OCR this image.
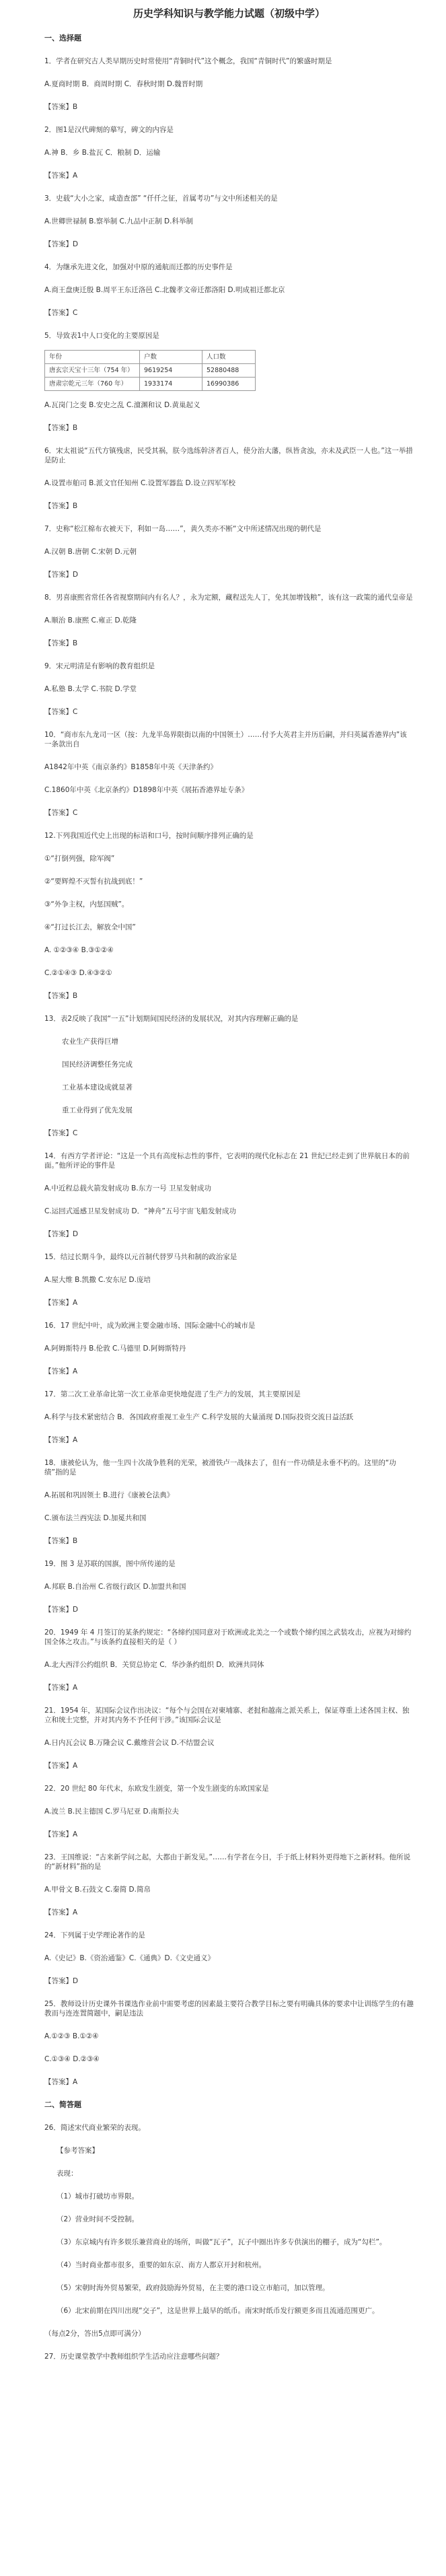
历史学科知识与教学能力试题（初级中学）
一、选择题

1．学者在研究古人类早期历史时常使用“青铜时代”这个概念，我国“青铜时代”的繁盛时期是

A.夏商时期 B．商周时期 C．春秋时期 D.魏晋时期

【答案】B

2．图1是汉代碑刻的摹写，碑文的内容是

A.神 B．乡 B.盐瓦 C．粮制 D．运输

【答案】A

3．史载“大小之家，咸造查部” “仟仟之征，首属考功”与文中所述相关的是

A.世卿世禄制 B.察举制 C.九品中正制 D.科举制

【答案】D

4．为继承先进文化，加强对中原的通航而迁都的历史事件是

A.商王盘庚迁殷 B.周平王东迁洛邑 C.北魏孝文帝迁都洛阳 D.明成祖迁都北京

【答案】C

5．导致表1中人口变化的主要原因是

年份	户数	人口数
唐玄宗天宝十三年（754 年）	9619254	52880488
唐肃宗乾元三年（760 年）	1933174	16990386

A.瓦岗门之变 B.安史之乱 C.澶渊和议 D.黄巢起义

【答案】B

6．宋太祖说“五代方镇残虐，民受其祸，朕今选练幹济者百人，使分治大藩，纵皆贪浊，亦未及武臣一人也。”这一举措是防止

A.设置市舶司 B.派文官任知州 C.设置军器监 D.设立四军军校

【答案】B

7．史称“松江棉布衣被天下，利如一岛……”，黄久类亦不断“文中所述情况出现的朝代是

A.汉朝 B.唐朝 C.宋朝 D.元朝

【答案】D

8．男喜康熙省常任各省视察期间内有名人？，永为定额，藏程送先人丁，免其加增钱粮”，该有这一政策的通代皇帝是

A.顺治 B.康熙 C.雍正 D.乾隆

【答案】B

9．宋元明清是有影响的教育组织是

A.私塾 B.太学 C.书院 D.学堂

【答案】C

10．“商市东九龙司一区（按：九龙半岛界限街以南的中国领土）……付予大英君主并历后嗣，并归英属香港界内”该一条款出自

A1842年中英《南京条约》B1858年中英《天津条约》

C.1860年中英《北京条约》D1898年中英《展拓香港界址专条》

【答案】C

12.下列我国近代史上出现的标语和口号，按时间顺序排列正确的是

①“打倒列强，除军阀”

②“要辉煌不灭誓有抗战到底！”

③“外争主权，内惩国贼”。

④“打过长江去，解放全中国”

A. ①②③④ B.③①②④

C.②①④③ D.④③②①

【答案】B

13．表2反映了我国“一五”计划期间国民经济的发展状况，对其内容理解正确的是

农业生产获得巨增

国民经济调整任务完成

工业基本建设成就显著

重工业得到了优先发展

【答案】C

14．有西方学者评论：“这是一个具有高度标志性的事件，它表明的现代化标志在 21 世纪已经走到了世界航日本的前面。”他所评论的事件是

A.中近程总载火箭发射成功 B.东方一号 卫星发射成功

C.运回式遥感卫星发射成功 D．“神舟”五号宇宙飞船发射成功

【答案】D

15．结过长期斗争，最终以元首制代替罗马共和制的政治家是

A.屋大维 B.凯撒 C.安东尼 D.庞培

【答案】A

16．17 世纪中叶，成为欧洲主要金融市场、国际金融中心的城市是

A.阿姆斯特丹 B.伦敦 C.马德里 D.阿姆斯特丹

【答案】A

17．第二次工业革命比第一次工业革命更快地促进了生产力的发展，其主要原因是

A.科学与技术紧密结合 B．各国政府重视工业生产 C.科学发展的大量涌现 D.国际投资交流日益活跃

【答案】A

18．康被伦认为，他一生四十次战争胜利的光荣，被滑铁卢一战抹去了，但有一件功绩是永垂不朽的。这里的“功绩”指的是

A.拓展和巩固领土 B.进行《康被仑法典》

C.颁布法兰西宪法 D.加冕共和国

【答案】B

19．图 3 是苏联的国旗，图中所传递的是

A.邦联 B.自治州 C.省级行政区 D.加盟共和国

【答案】D

20．1949 年 4 月签订的某条约规定：“各缔约国同意对于欧洲或北美之一个或数个缔约国之武装攻击，应视为对缔约国全体之攻击。”与该条约直接相关的是（ ）

A.北大西洋公约组织 B．关贸总协定 C．华沙条约组织 D．欧洲共同体

【答案】A

21．1954 年，某国际会议作出决议：“每个与会国在对柬埔寨、老挝和越南之派关系上，保证尊重上述各国主权、独立和统土完整，并对其内务不予任何干涉。”该国际会议是

A.日内瓦会议 B.万隆会议 C.戴维营会议 D.不结盟会议

【答案】A

22．20 世纪 80 年代末，东欧发生剧变，第一个发生剧变的东欧国家是

A.波兰 B.民主德国 C.罗马尼亚 D.南斯拉夫

【答案】A

23．王国维说：“古来新学问之起，大都由于新发见。”……有学者在今日，手于纸上材料外更得地下之新材料。他所说的“新材料”指的是

A.甲骨文 B.石鼓文 C.秦简 D.简帛

【答案】A

24．下列属于史学理论著作的是

A.《史记》B.《资治通鉴》C.《通典》D.《文史通义》

【答案】D

25．教师设计历史课外书课选作业前中需要考虑的因素最主要符合教学目标之要有明确具体的要求中让训练学生的有趣教而与连连置简题中，嗣是违法

A.①②③ B.①②④

C.①③④ D.②③④

【答案】A

二、简答题

26．简述宋代商业繁荣的表现。

【参考答案】

表现：

（1）城市打破坊市界限。

（2）营业时间不受控制。

（3）东京城内有许多娱乐兼营商业的场所，叫做“瓦子”，瓦子中圈出许多专供演出的棚子，成为“勾栏”。

（4）当时商业都市很多，重要的如东京、南方人都京开封和杭州。

（5）宋朝时海外贸易繁荣，政府鼓励海外贸易，在主要的港口设立市舶司，加以管理。

（6）北宋前期在四川出现“交子”，这是世界上最早的纸币。南宋时纸币发行额更多而且流通范围更广。

（每点2分，答出5点即可满分）

27．历史课堂教学中教师组织学生活动应注意哪些问题？
